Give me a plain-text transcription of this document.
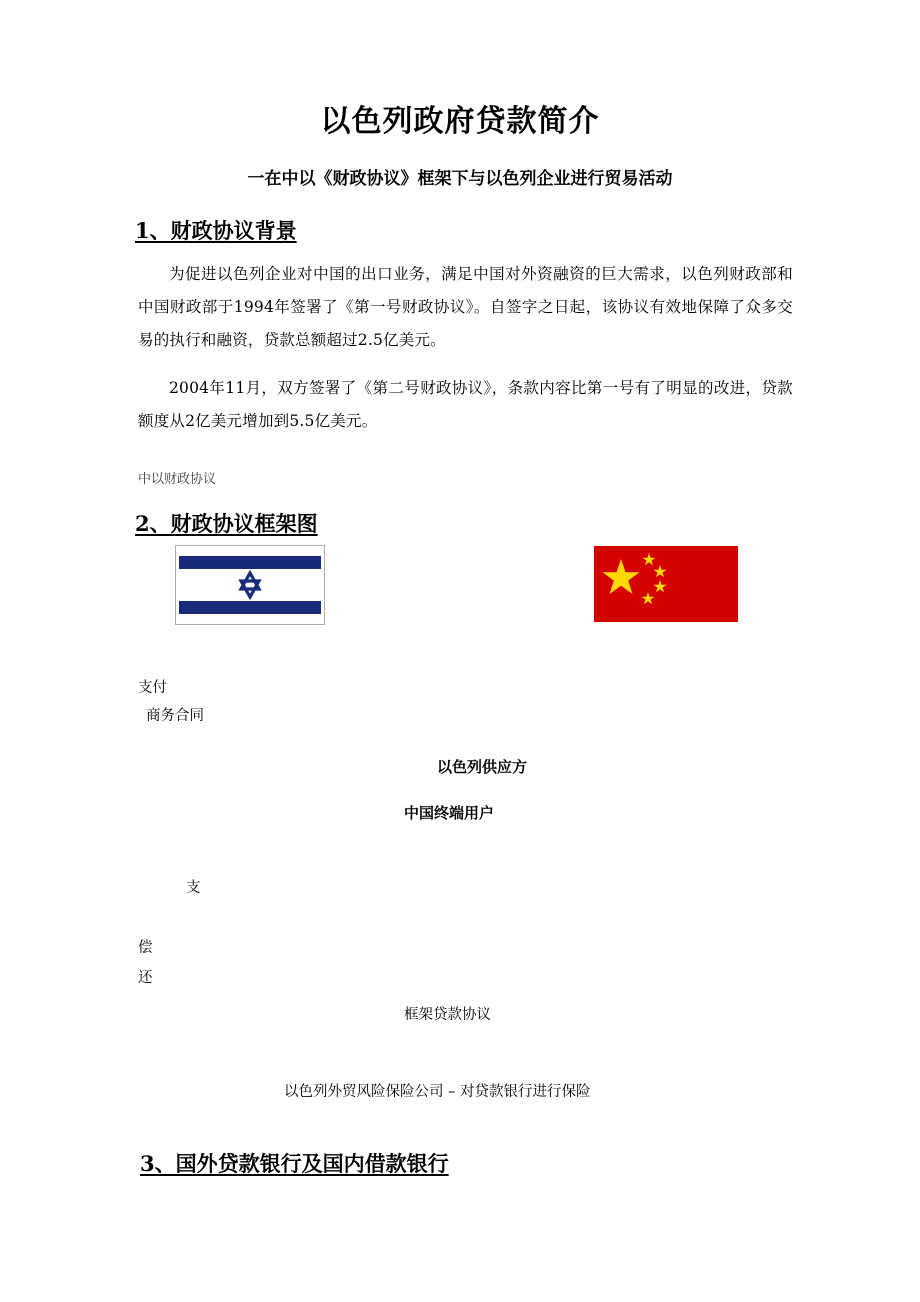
以色列政府贷款简介
一在中以《财政协议》框架下与以色列企业进行贸易活动
1、财政协议背景
为促进以色列企业对中国的出口业务，满足中国对外资融资的巨大需求，以色列财政部和中国财政部于1994年签署了《第一号财政协议》。自签字之日起，该协议有效地保障了众多交易的执行和融资，贷款总额超过2.5亿美元。
2004年11月，双方签署了《第二号财政协议》，条款内容比第一号有了明显的改进，贷款额度从2亿美元增加到5.5亿美元。
中以财政协议
2、财政协议框架图
支付
商务合同
以色列供应方
中国终端用户
支
偿
还
框架贷款协议
以色列外贸风险保险公司 – 对贷款银行进行保险
3、国外贷款银行及国内借款银行
